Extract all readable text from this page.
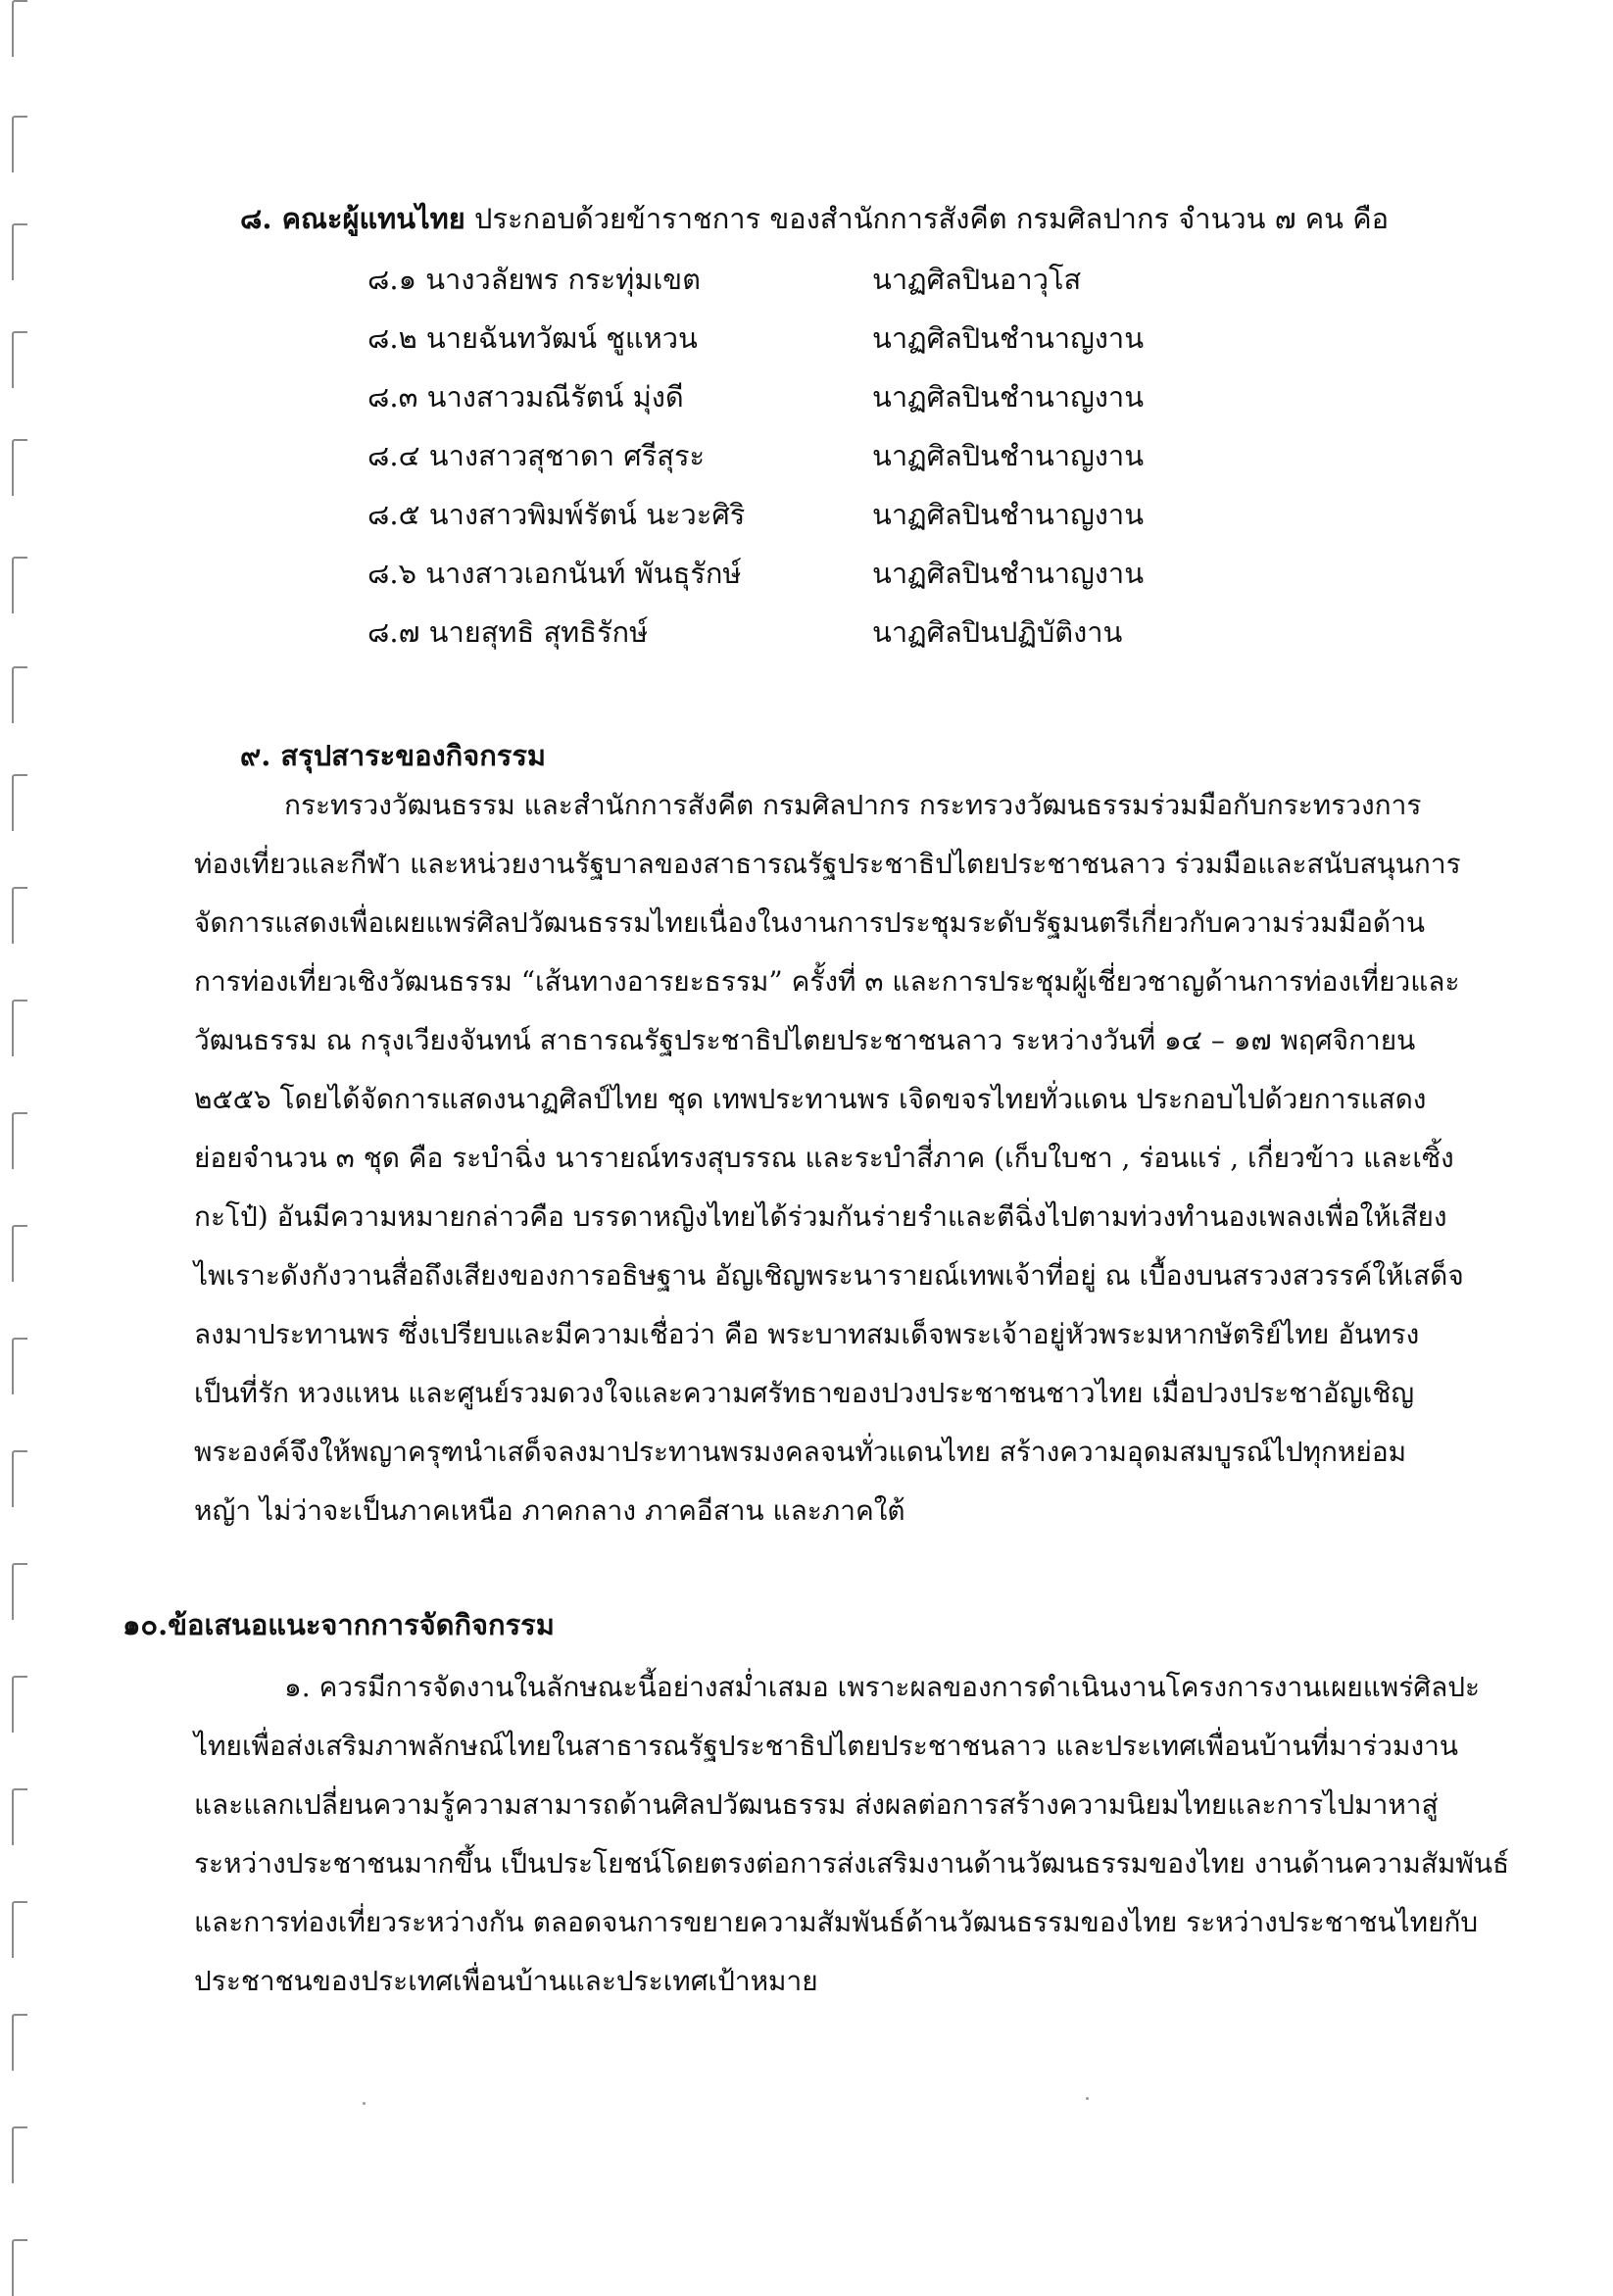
๘. คณะผู้แทนไทย ประกอบด้วยข้าราชการ ของสำนักการสังคีต กรมศิลปากร จำนวน ๗ คน คือ
๘.๑ นางวลัยพร กระทุ่มเขต	นาฏศิลปินอาวุโส
๘.๒ นายฉันทวัฒน์ ชูแหวน	นาฏศิลปินชำนาญงาน
๘.๓ นางสาวมณีรัตน์ มุ่งดี	นาฏศิลปินชำนาญงาน
๘.๔ นางสาวสุชาดา ศรีสุระ	นาฏศิลปินชำนาญงาน
๘.๕ นางสาวพิมพ์รัตน์ นะวะศิริ	นาฏศิลปินชำนาญงาน
๘.๖ นางสาวเอกนันท์ พันธุรักษ์	นาฏศิลปินชำนาญงาน
๘.๗ นายสุทธิ สุทธิรักษ์	นาฏศิลปินปฏิบัติงาน
๙. สรุปสาระของกิจกรรม
กระทรวงวัฒนธรรม และสำนักการสังคีต กรมศิลปากร กระทรวงวัฒนธรรมร่วมมือกับกระทรวงการ
ท่องเที่ยวและกีฬา และหน่วยงานรัฐบาลของสาธารณรัฐประชาธิปไตยประชาชนลาว ร่วมมือและสนับสนุนการ
จัดการแสดงเพื่อเผยแพร่ศิลปวัฒนธรรมไทยเนื่องในงานการประชุมระดับรัฐมนตรีเกี่ยวกับความร่วมมือด้าน
การท่องเที่ยวเชิงวัฒนธรรม “เส้นทางอารยะธรรม” ครั้งที่ ๓ และการประชุมผู้เชี่ยวชาญด้านการท่องเที่ยวและ
วัฒนธรรม ณ กรุงเวียงจันทน์ สาธารณรัฐประชาธิปไตยประชาชนลาว ระหว่างวันที่ ๑๔ – ๑๗ พฤศจิกายน
๒๕๕๖ โดยได้จัดการแสดงนาฏศิลป์ไทย ชุด เทพประทานพร เจิดขจรไทยทั่วแดน ประกอบไปด้วยการแสดง
ย่อยจำนวน ๓ ชุด คือ ระบำฉิ่ง นารายณ์ทรงสุบรรณ และระบำสี่ภาค (เก็บใบชา , ร่อนแร่ , เกี่ยวข้าว และเซิ้ง
กะโป๋) อันมีความหมายกล่าวคือ บรรดาหญิงไทยได้ร่วมกันร่ายรำและตีฉิ่งไปตามท่วงทำนองเพลงเพื่อให้เสียง
ไพเราะดังกังวานสื่อถึงเสียงของการอธิษฐาน อัญเชิญพระนารายณ์เทพเจ้าที่อยู่ ณ เบื้องบนสรวงสวรรค์ให้เสด็จ
ลงมาประทานพร ซึ่งเปรียบและมีความเชื่อว่า คือ พระบาทสมเด็จพระเจ้าอยู่หัวพระมหากษัตริย์ไทย อันทรง
เป็นที่รัก หวงแหน และศูนย์รวมดวงใจและความศรัทธาของปวงประชาชนชาวไทย เมื่อปวงประชาอัญเชิญ
พระองค์จึงให้พญาครุฑนำเสด็จลงมาประทานพรมงคลจนทั่วแดนไทย สร้างความอุดมสมบูรณ์ไปทุกหย่อม
หญ้า ไม่ว่าจะเป็นภาคเหนือ ภาคกลาง ภาคอีสาน และภาคใต้
๑๐.ข้อเสนอแนะจากการจัดกิจกรรม
๑. ควรมีการจัดงานในลักษณะนี้อย่างสม่ำเสมอ เพราะผลของการดำเนินงานโครงการงานเผยแพร่ศิลปะ
ไทยเพื่อส่งเสริมภาพลักษณ์ไทยในสาธารณรัฐประชาธิปไตยประชาชนลาว และประเทศเพื่อนบ้านที่มาร่วมงาน
และแลกเปลี่ยนความรู้ความสามารถด้านศิลปวัฒนธรรม ส่งผลต่อการสร้างความนิยมไทยและการไปมาหาสู่
ระหว่างประชาชนมากขึ้น เป็นประโยชน์โดยตรงต่อการส่งเสริมงานด้านวัฒนธรรมของไทย งานด้านความสัมพันธ์
และการท่องเที่ยวระหว่างกัน ตลอดจนการขยายความสัมพันธ์ด้านวัฒนธรรมของไทย ระหว่างประชาชนไทยกับ
ประชาชนของประเทศเพื่อนบ้านและประเทศเป้าหมาย
